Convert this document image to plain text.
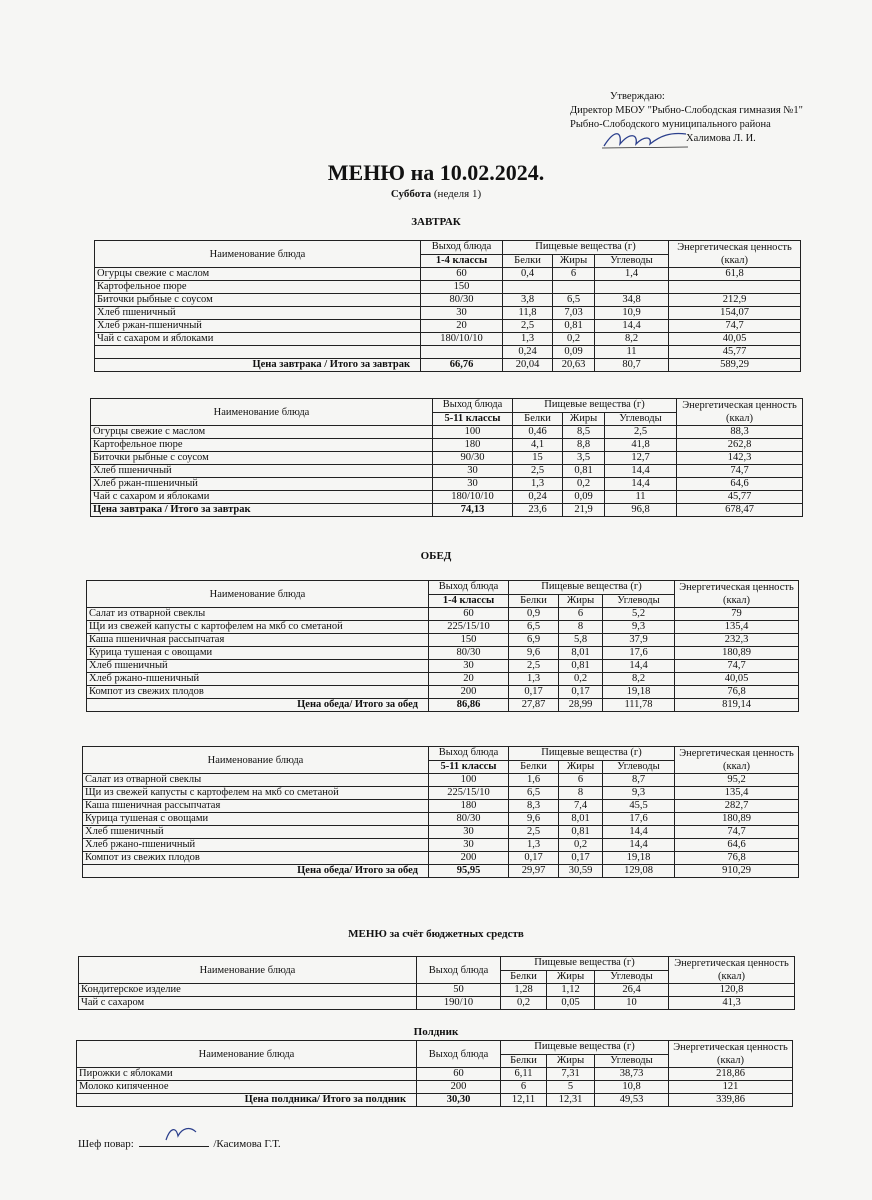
Утверждаю:
Директор МБОУ "Рыбно-Слободская гимназия №1"
Рыбно-Слободского муниципального района
Халимова Л. И.
МЕНЮ на 10.02.2024.
Суббота (неделя 1)
ЗАВТРАК
Наименование блюда	Выход блюда	Пищевые вещества (г)			Энергетическая ценность (ккал)
	1-4 классы	Белки	Жиры	Углеводы	
Огурцы свежие с маслом	60	0,4	6	1,4	61,8
Картофельное пюре	150				
Биточки рыбные с соусом	80/30	3,8	6,5	34,8	212,9
Хлеб пшеничный	30	11,8	7,03	10,9	154,07
Хлеб ржан-пшеничный	20	2,5	0,81	14,4	74,7
Чай с сахаром и яблоками	180/10/10	1,3	0,2	8,2	40,05
		0,24	0,09	11	45,77
Цена завтрака / Итого за завтрак	66,76	20,04	20,63	80,7	589,29
Наименование блюда	Выход блюда	Пищевые вещества (г)			Энергетическая ценность (ккал)
	5-11 классы	Белки	Жиры	Углеводы	
Огурцы свежие с маслом	100	0,46	8,5	2,5	88,3
Картофельное пюре	180	4,1	8,8	41,8	262,8
Биточки рыбные с соусом	90/30	15	3,5	12,7	142,3
Хлеб пшеничный	30	2,5	0,81	14,4	74,7
Хлеб ржан-пшеничный	30	1,3	0,2	14,4	64,6
Чай с сахаром и яблоками	180/10/10	0,24	0,09	11	45,77
Цена завтрака / Итого за завтрак	74,13	23,6	21,9	96,8	678,47
ОБЕД
Наименование блюда	Выход блюда	Пищевые вещества (г)			Энергетическая ценность (ккал)
	1-4 классы	Белки	Жиры	Углеводы	
Салат из отварной свеклы	60	0,9	6	5,2	79
Щи из свежей капусты с картофелем на мкб со сметаной	225/15/10	6,5	8	9,3	135,4
Каша пшеничная рассыпчатая	150	6,9	5,8	37,9	232,3
Курица тушеная с овощами	80/30	9,6	8,01	17,6	180,89
Хлеб пшеничный	30	2,5	0,81	14,4	74,7
Хлеб ржано-пшеничный	20	1,3	0,2	8,2	40,05
Компот из свежих плодов	200	0,17	0,17	19,18	76,8
Цена обеда/ Итого за обед	86,86	27,87	28,99	111,78	819,14
Наименование блюда	Выход блюда	Пищевые вещества (г)			Энергетическая ценность (ккал)
	5-11 классы	Белки	Жиры	Углеводы	
Салат из отварной свеклы	100	1,6	6	8,7	95,2
Щи из свежей капусты с картофелем на мкб со сметаной	225/15/10	6,5	8	9,3	135,4
Каша пшеничная рассыпчатая	180	8,3	7,4	45,5	282,7
Курица тушеная с овощами	80/30	9,6	8,01	17,6	180,89
Хлеб пшеничный	30	2,5	0,81	14,4	74,7
Хлеб ржано-пшеничный	30	1,3	0,2	14,4	64,6
Компот из свежих плодов	200	0,17	0,17	19,18	76,8
Цена обеда/ Итого за обед	95,95	29,97	30,59	129,08	910,29
МЕНЮ за счёт бюджетных средств
Наименование блюда	Выход блюда	Пищевые вещества (г)			Энергетическая ценность (ккал)
		Белки	Жиры	Углеводы	
Кондитерское изделие	50	1,28	1,12	26,4	120,8
Чай с сахаром	190/10	0,2	0,05	10	41,3
Полдник
Наименование блюда	Выход блюда	Пищевые вещества (г)			Энергетическая ценность (ккал)
		Белки	Жиры	Углеводы	
Пирожки с яблоками	60	6,11	7,31	38,73	218,86
Молоко кипяченное	200	6	5	10,8	121
Цена полдника/ Итого за полдник	30,30	12,11	12,31	49,53	339,86
Шеф повар:	/Касимова Г.Т.
